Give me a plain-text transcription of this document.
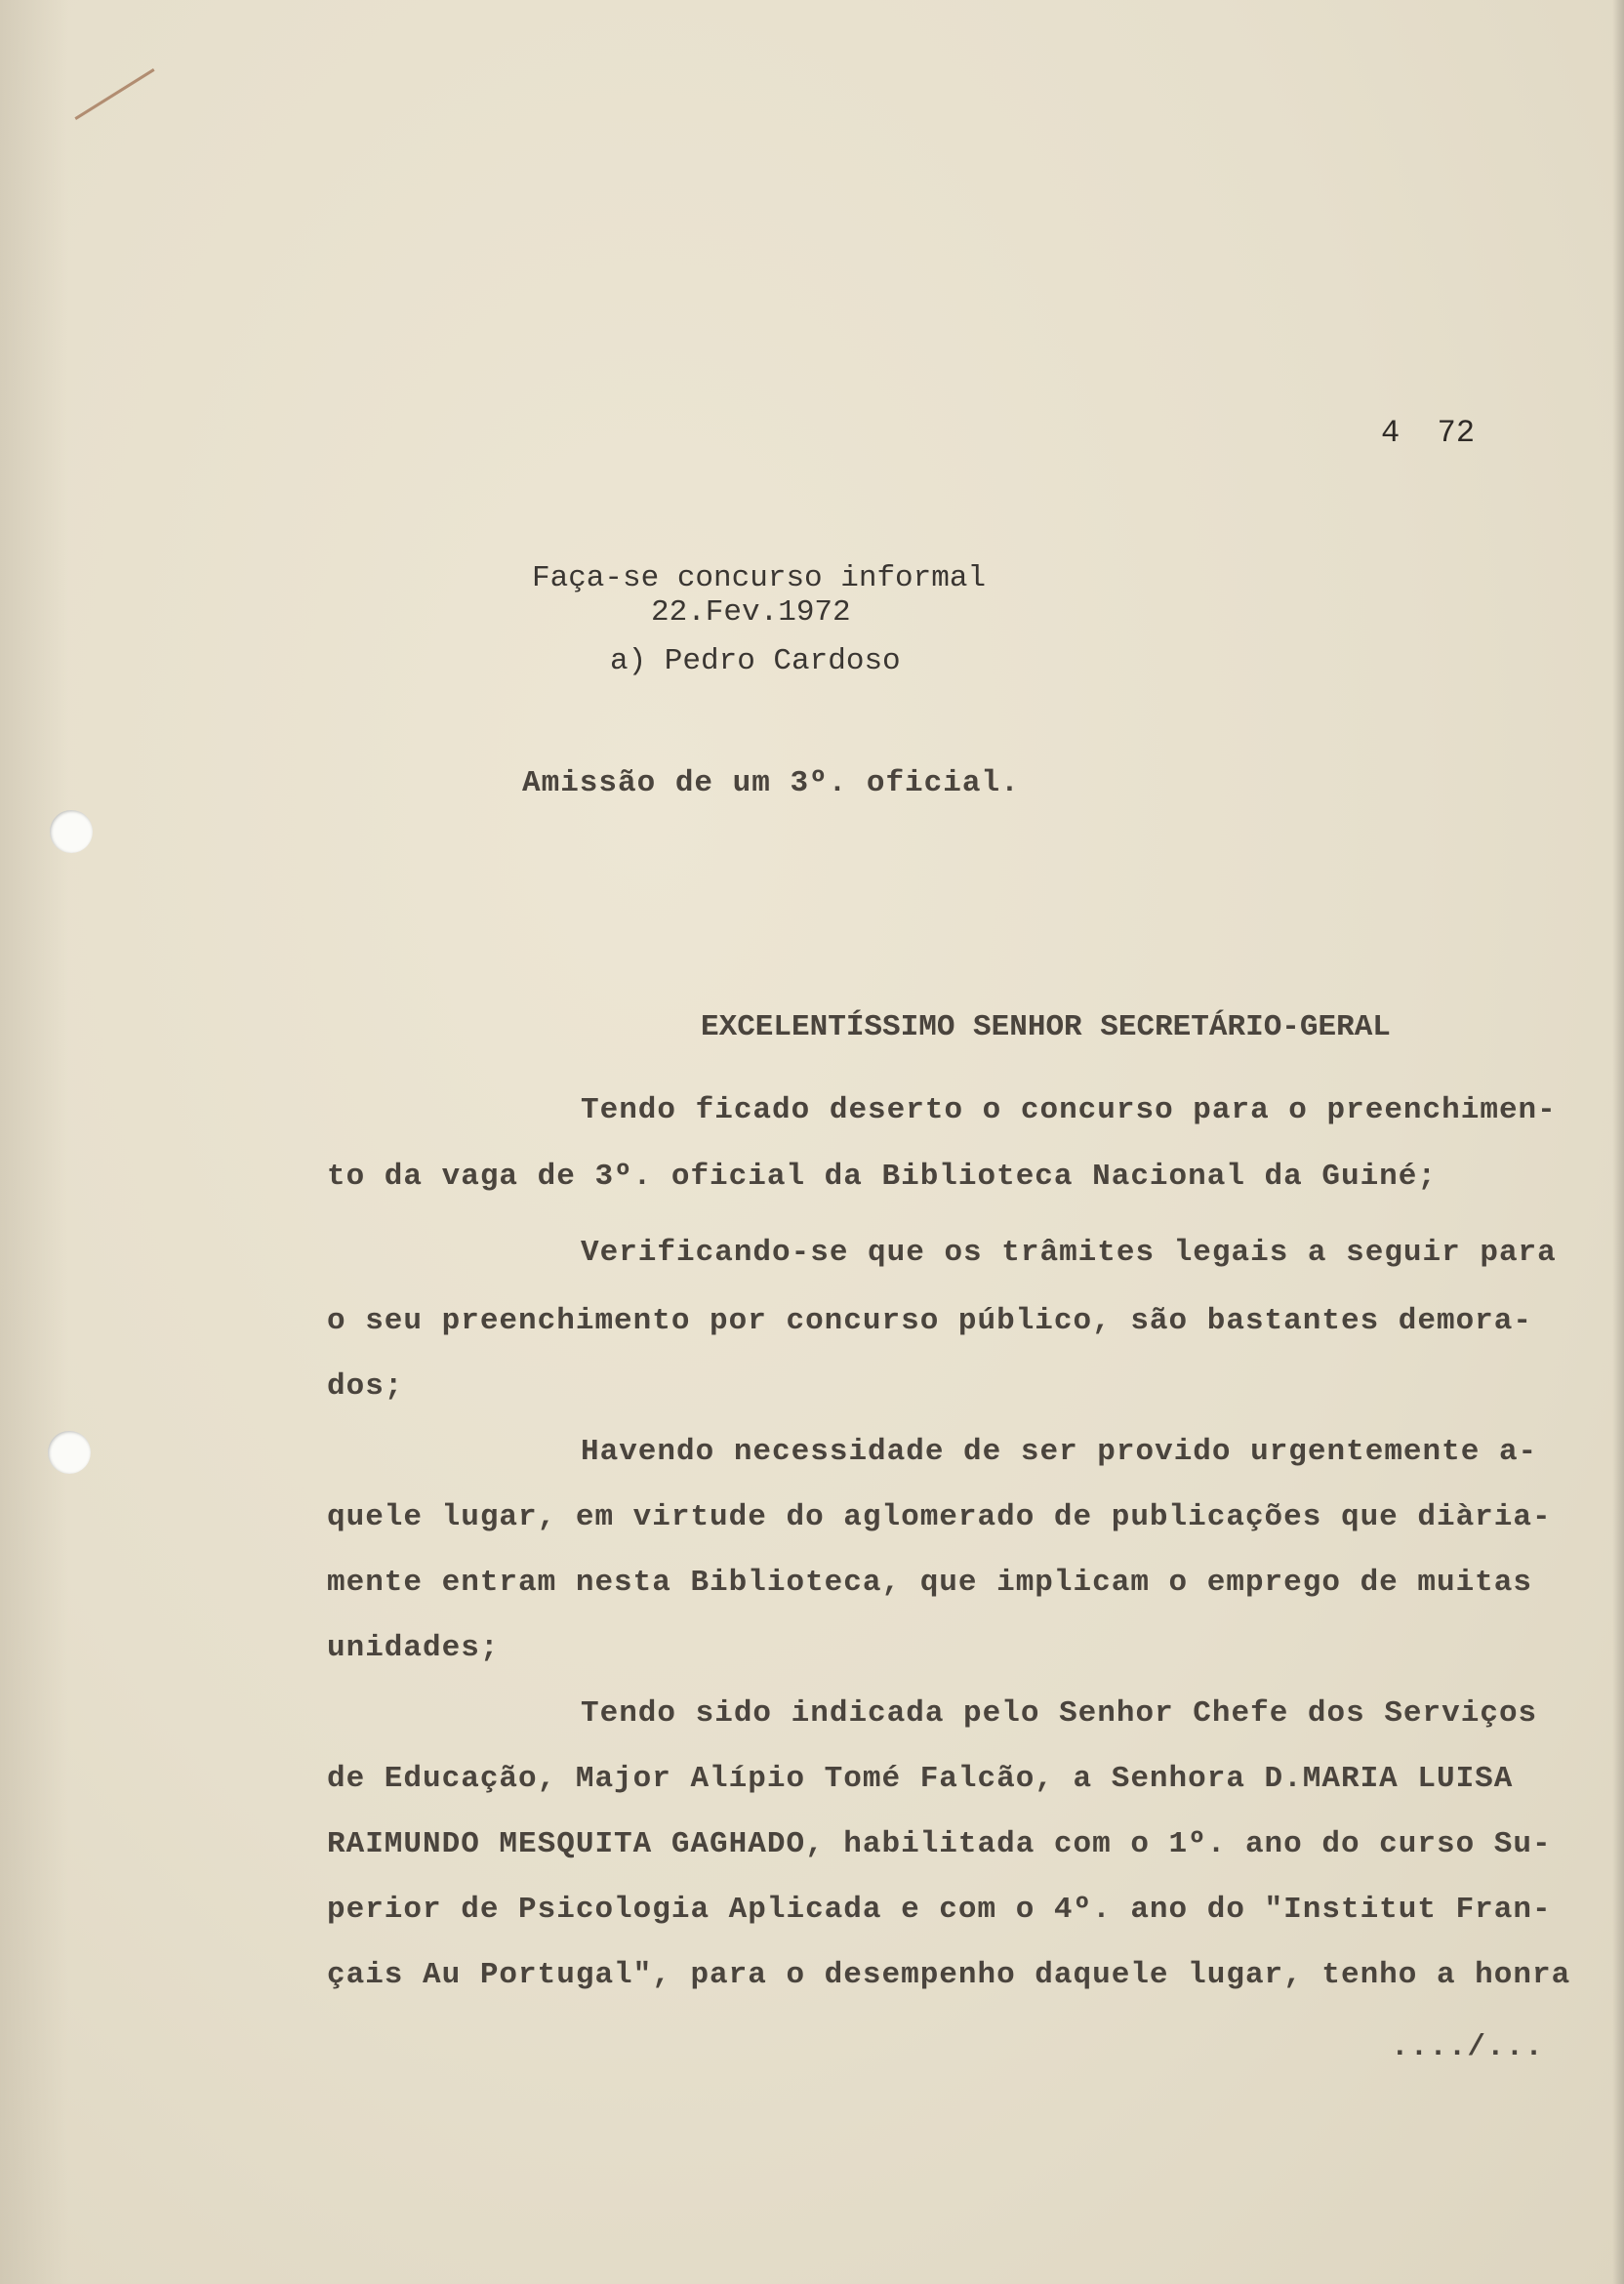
4  72
Faça-se concurso informal
22.Fev.1972
a) Pedro Cardoso
Amissão de um 3º. oficial.
EXCELENTÍSSIMO SENHOR SECRETÁRIO-GERAL
Tendo ficado deserto o concurso para o preenchimen-
to da vaga de 3º. oficial da Biblioteca Nacional da Guiné;
Verificando-se que os trâmites legais a seguir para
o seu preenchimento por concurso público, são bastantes demora-
dos;
Havendo necessidade de ser provido urgentemente a-
quele lugar, em virtude do aglomerado de publicações que diària-
mente entram nesta Biblioteca, que implicam o emprego de muitas
unidades;
Tendo sido indicada pelo Senhor Chefe dos Serviços
de Educação, Major Alípio Tomé Falcão, a Senhora D.MARIA LUISA
RAIMUNDO MESQUITA GAGHADO, habilitada com o 1º. ano do curso Su-
perior de Psicologia Aplicada e com o 4º. ano do "Institut Fran-
çais Au Portugal", para o desempenho daquele lugar, tenho a honra
..../...
